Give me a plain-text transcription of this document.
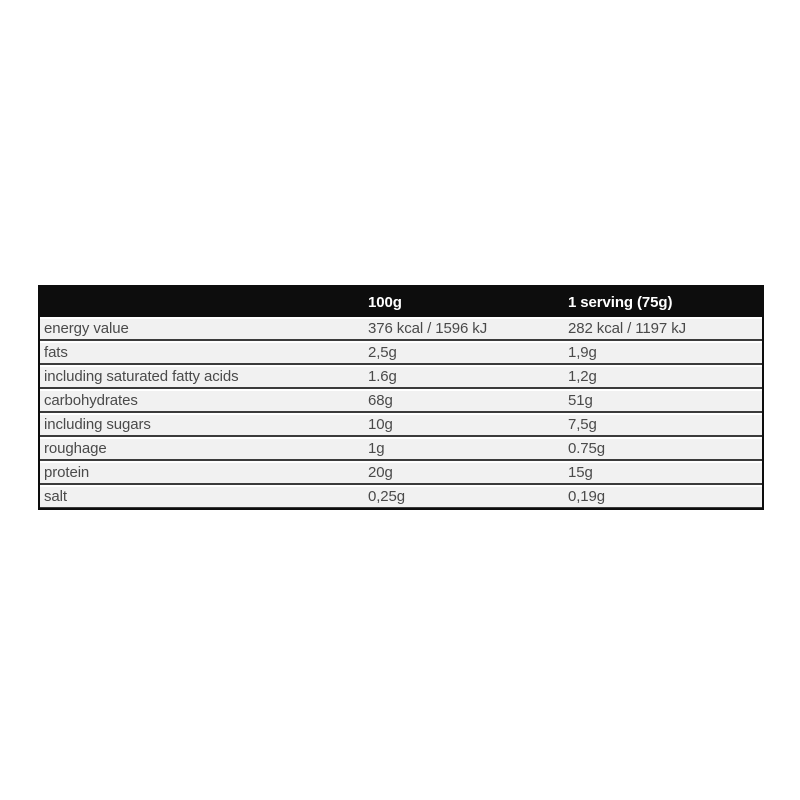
	100g	1 serving (75g)
energy value	376 kcal / 1596 kJ	282 kcal / 1197 kJ
fats	2,5g	1,9g
including saturated fatty acids	1.6g	1,2g
carbohydrates	68g	51g
including sugars	10g	7,5g
roughage	1g	0.75g
protein	20g	15g
salt	0,25g	0,19g
